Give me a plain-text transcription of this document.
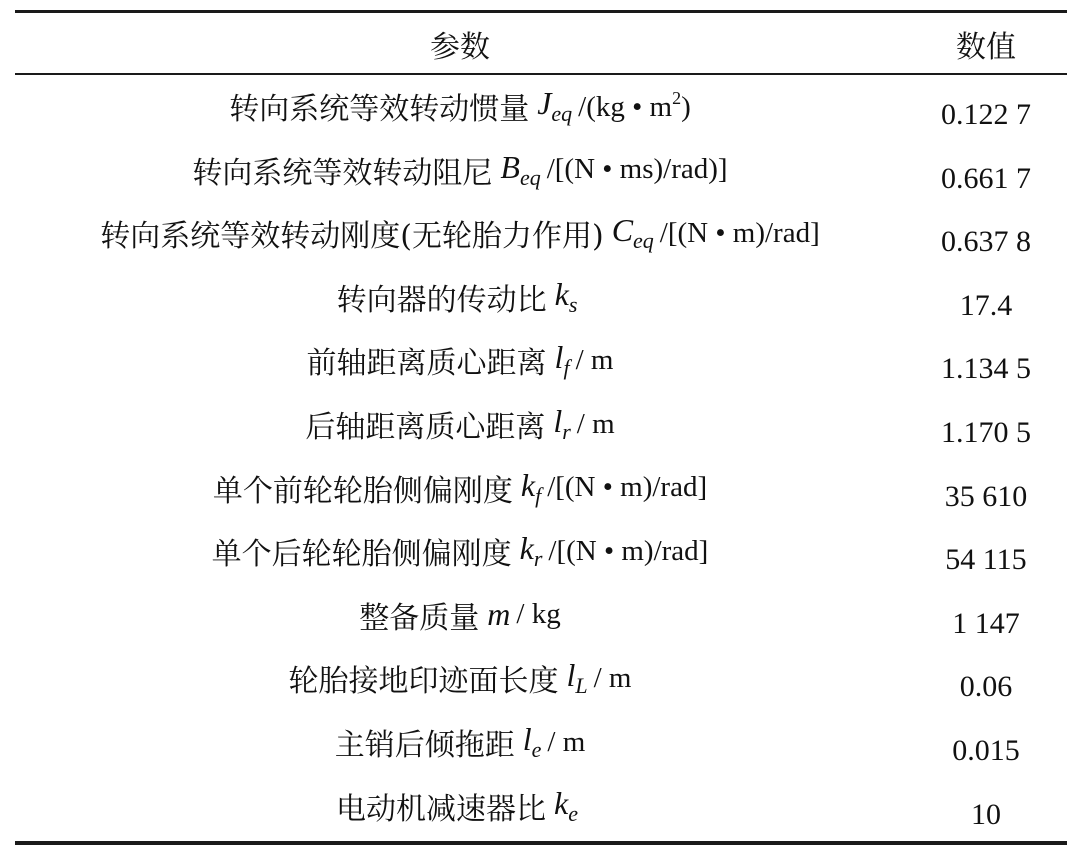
参数	数值
转向系统等效转动惯量 $J_{eq}$ /(kg • $m^2$)	0.122 7
转向系统等效转动阻尼 $B_{eq}$ /[(N • ms)/rad)]	0.661 7
转向系统等效转动刚度(无轮胎力作用) $C_{eq}$ /[(N • m)/rad]	0.637 8
转向器的传动比 $k_s$	17.4
前轴距离质心距离 $l_f$ / m	1.134 5
后轴距离质心距离 $l_r$ / m	1.170 5
单个前轮轮胎侧偏刚度 $k_f$ /[(N • m)/rad]	35 610
单个后轮轮胎侧偏刚度 $k_r$ /[(N • m)/rad]	54 115
整备质量 m / kg	1 147
轮胎接地印迹面长度 $l_L$ / m	0.06
主销后倾拖距 $l_e$ / m	0.015
电动机减速器比 $k_e$	10
